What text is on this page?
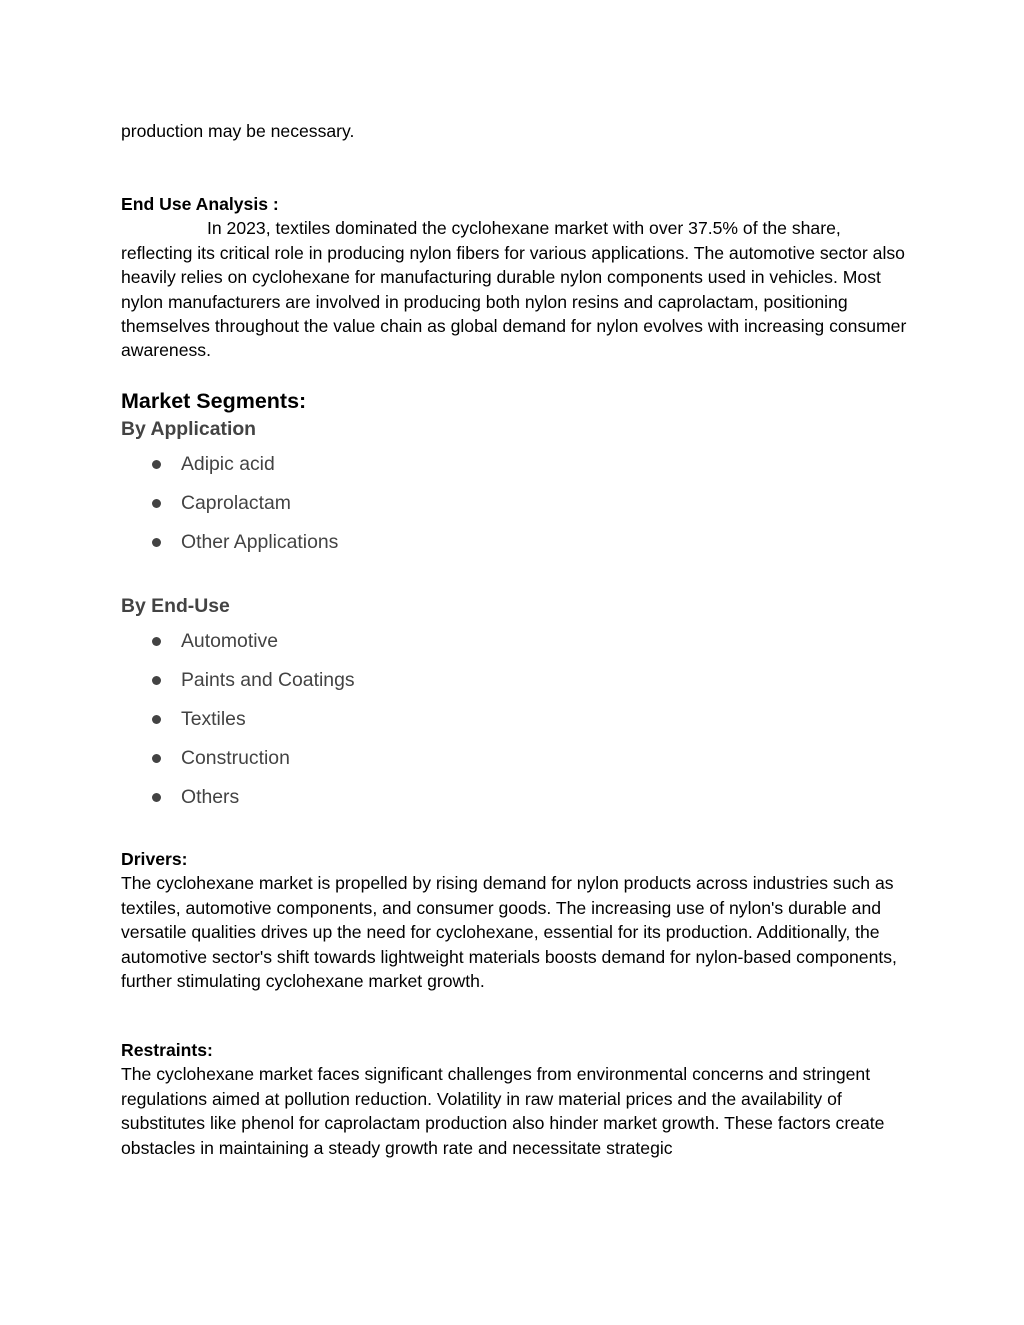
production may be necessary.

End Use Analysis :

In 2023, textiles dominated the cyclohexane market with over 37.5% of the share, reflecting its critical role in producing nylon fibers for various applications. The automotive sector also heavily relies on cyclohexane for manufacturing durable nylon components used in vehicles. Most nylon manufacturers are involved in producing both nylon resins and caprolactam, positioning themselves throughout the value chain as global demand for nylon evolves with increasing consumer awareness.

Market Segments:
By Application
Adipic acid
Caprolactam
Other Applications
By End-Use
Automotive
Paints and Coatings
Textiles
Construction
Others

Drivers:

The cyclohexane market is propelled by rising demand for nylon products across industries such as textiles, automotive components, and consumer goods. The increasing use of nylon's durable and versatile qualities drives up the need for cyclohexane, essential for its production. Additionally, the automotive sector's shift towards lightweight materials boosts demand for nylon-based components, further stimulating cyclohexane market growth.

Restraints:

The cyclohexane market faces significant challenges from environmental concerns and stringent regulations aimed at pollution reduction. Volatility in raw material prices and the availability of substitutes like phenol for caprolactam production also hinder market growth. These factors create obstacles in maintaining a steady growth rate and necessitate strategic
